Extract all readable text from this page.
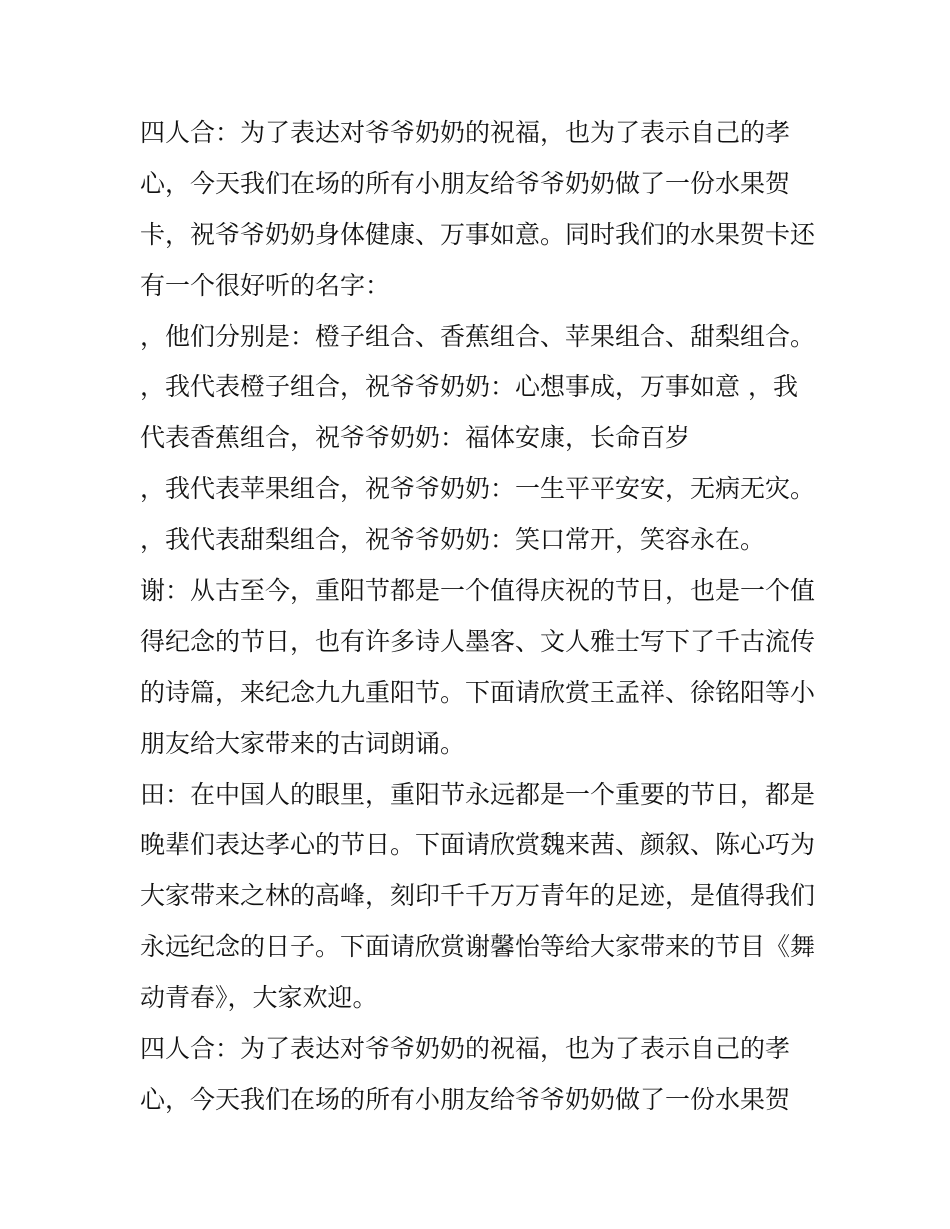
四人合：为了表达对爷爷奶奶的祝福，也为了表示自己的孝
心，今天我们在场的所有小朋友给爷爷奶奶做了一份水果贺
卡，祝爷爷奶奶身体健康、万事如意。同时我们的水果贺卡还
有一个很好听的名字：
，他们分别是：橙子组合、香蕉组合、苹果组合、甜梨组合。
，我代表橙子组合，祝爷爷奶奶：心想事成，万事如意 ，我
代表香蕉组合，祝爷爷奶奶：福体安康，长命百岁
，我代表苹果组合，祝爷爷奶奶：一生平平安安，无病无灾。
，我代表甜梨组合，祝爷爷奶奶：笑口常开，笑容永在。
谢：从古至今，重阳节都是一个值得庆祝的节日，也是一个值
得纪念的节日，也有许多诗人墨客、文人雅士写下了千古流传
的诗篇，来纪念九九重阳节。下面请欣赏王孟祥、徐铭阳等小
朋友给大家带来的古词朗诵。
田：在中国人的眼里，重阳节永远都是一个重要的节日，都是
晚辈们表达孝心的节日。下面请欣赏魏来茜、颜叙、陈心巧为
大家带来之林的高峰，刻印千千万万青年的足迹，是值得我们
永远纪念的日子。下面请欣赏谢馨怡等给大家带来的节目《舞
动青春》，大家欢迎。
四人合：为了表达对爷爷奶奶的祝福，也为了表示自己的孝
心，今天我们在场的所有小朋友给爷爷奶奶做了一份水果贺
